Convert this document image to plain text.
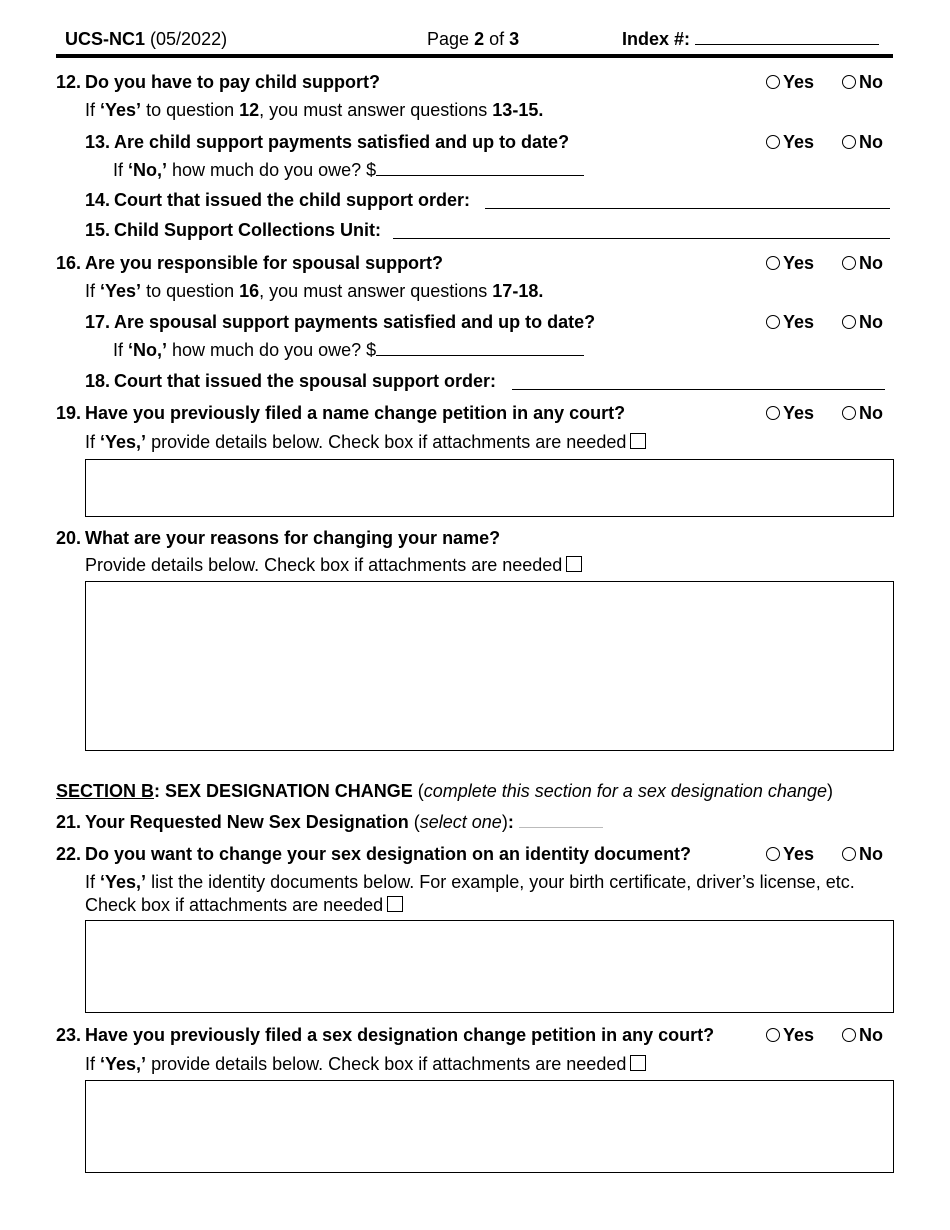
UCS-NC1 (05/2022)	Page 2 of 3	Index #:
12. Do you have to pay child support?	Yes	No
If ‘Yes’ to question 12, you must answer questions 13-15.
13. Are child support payments satisfied and up to date?	Yes	No
If ‘No,’ how much do you owe? $
14. Court that issued the child support order:
15. Child Support Collections Unit:
16. Are you responsible for spousal support?	Yes	No
If ‘Yes’ to question 16, you must answer questions 17-18.
17. Are spousal support payments satisfied and up to date?	Yes	No
If ‘No,’ how much do you owe? $
18. Court that issued the spousal support order:
19. Have you previously filed a name change petition in any court?	Yes	No
If ‘Yes,’ provide details below. Check box if attachments are needed
20. What are your reasons for changing your name?
Provide details below. Check box if attachments are needed
SECTION B: SEX DESIGNATION CHANGE (complete this section for a sex designation change)
21. Your Requested New Sex Designation (select one):
22. Do you want to change your sex designation on an identity document?	Yes	No
If ‘Yes,’ list the identity documents below. For example, your birth certificate, driver’s license, etc.
Check box if attachments are needed
23. Have you previously filed a sex designation change petition in any court?	Yes	No
If ‘Yes,’ provide details below. Check box if attachments are needed
